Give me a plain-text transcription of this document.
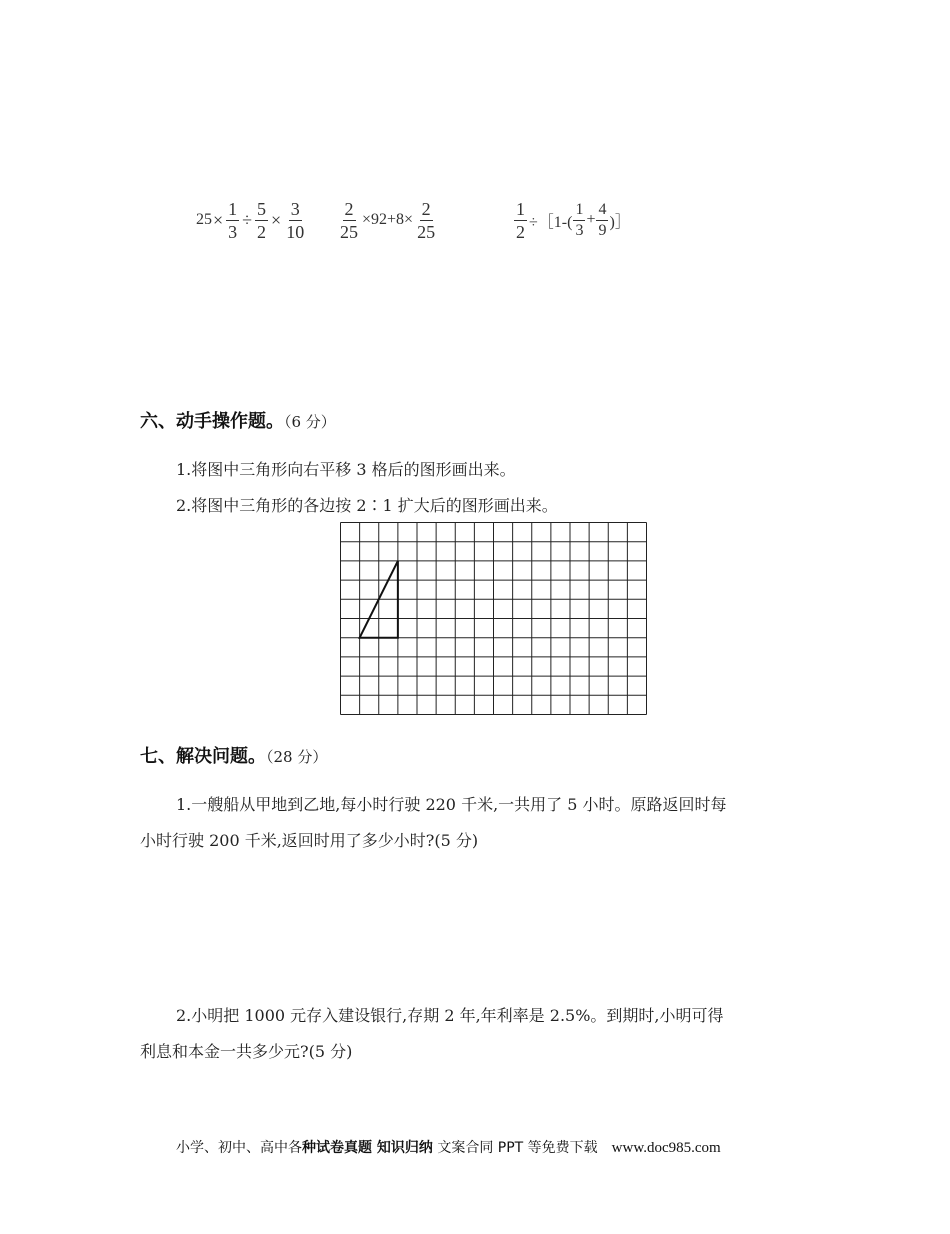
$25 \times \frac{1}{3} \div \frac{5}{2} \times \frac{3}{10} \frac{2}{25} \times 92+8\times \frac{2}{25}$	$\frac{1}{2}$ ÷［1-( $\frac{1}{3} + \frac{4}{9}$ )］
六、动手操作题。（6 分）
1.将图中三角形向右平移 3 格后的图形画出来。
2.将图中三角形的各边按 2∶1 扩大后的图形画出来。
七、解决问题。（28 分）
1.一艘船从甲地到乙地,每小时行驶 220 千米,一共用了 5 小时。原路返回时每
小时行驶 200 千米,返回时用了多少小时?(5 分)
2.小明把 1000 元存入建设银行,存期 2 年,年利率是 2.5%。到期时,小明可得
利息和本金一共多少元?(5 分)
小学、初中、高中各种试卷真题 知识归纳 文案合同 PPT 等免费下载 www.doc985.com
